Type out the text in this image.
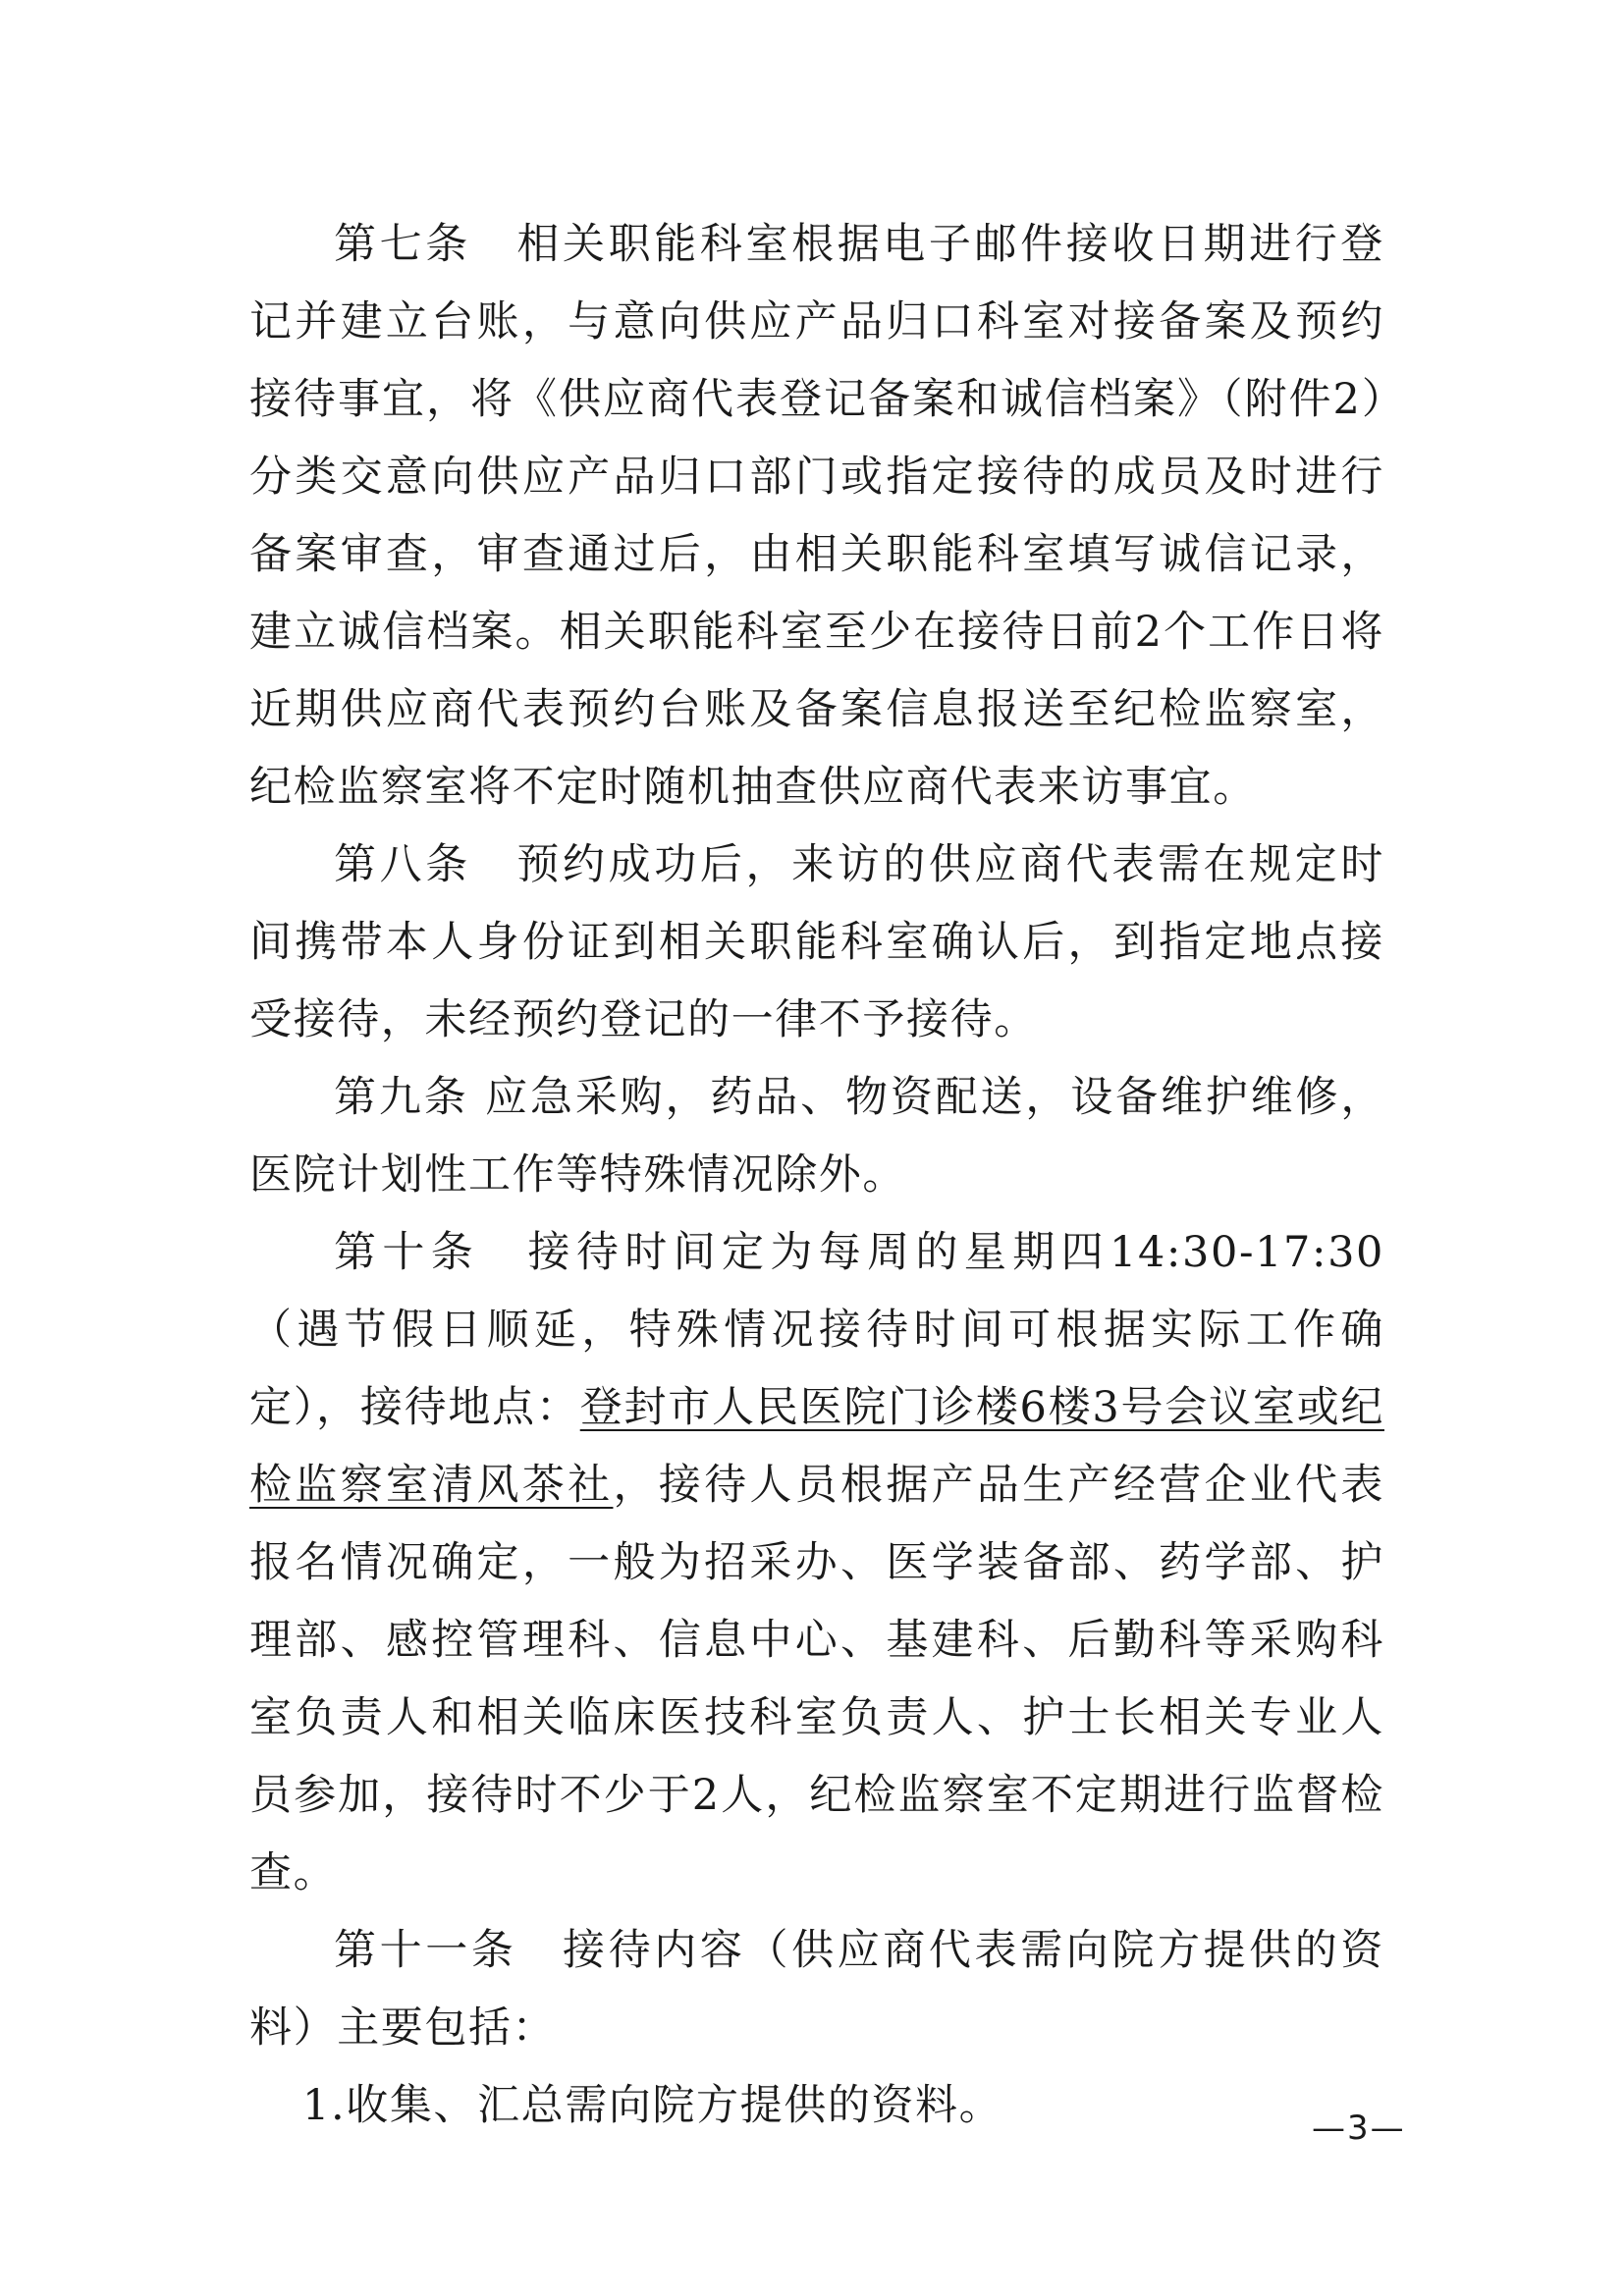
第七条　相关职能科室根据电子邮件接收日期进行登记并建立台账，与意向供应产品归口科室对接备案及预约接待事宜，将《供应商代表登记备案和诚信档案》（附件2）分类交意向供应产品归口部门或指定接待的成员及时进行备案审查，审查通过后，由相关职能科室填写诚信记录，建立诚信档案。相关职能科室至少在接待日前2个工作日将近期供应商代表预约台账及备案信息报送至纪检监察室，纪检监察室将不定时随机抽查供应商代表来访事宜。

第八条　预约成功后，来访的供应商代表需在规定时间携带本人身份证到相关职能科室确认后，到指定地点接受接待，未经预约登记的一律不予接待。

第九条 应急采购，药品、物资配送，设备维护维修，医院计划性工作等特殊情况除外。

第十条　接待时间定为每周的星期四14:30-17:30（遇节假日顺延，特殊情况接待时间可根据实际工作确定），接待地点：登封市人民医院门诊楼6楼3号会议室或纪检监察室清风茶社，接待人员根据产品生产经营企业代表报名情况确定，一般为招采办、医学装备部、药学部、护理部、感控管理科、信息中心、基建科、后勤科等采购科室负责人和相关临床医技科室负责人、护士长相关专业人员参加，接待时不少于2人，纪检监察室不定期进行监督检查。

第十一条　接待内容（供应商代表需向院方提供的资料）主要包括：

1.收集、汇总需向院方提供的资料。	—3—
